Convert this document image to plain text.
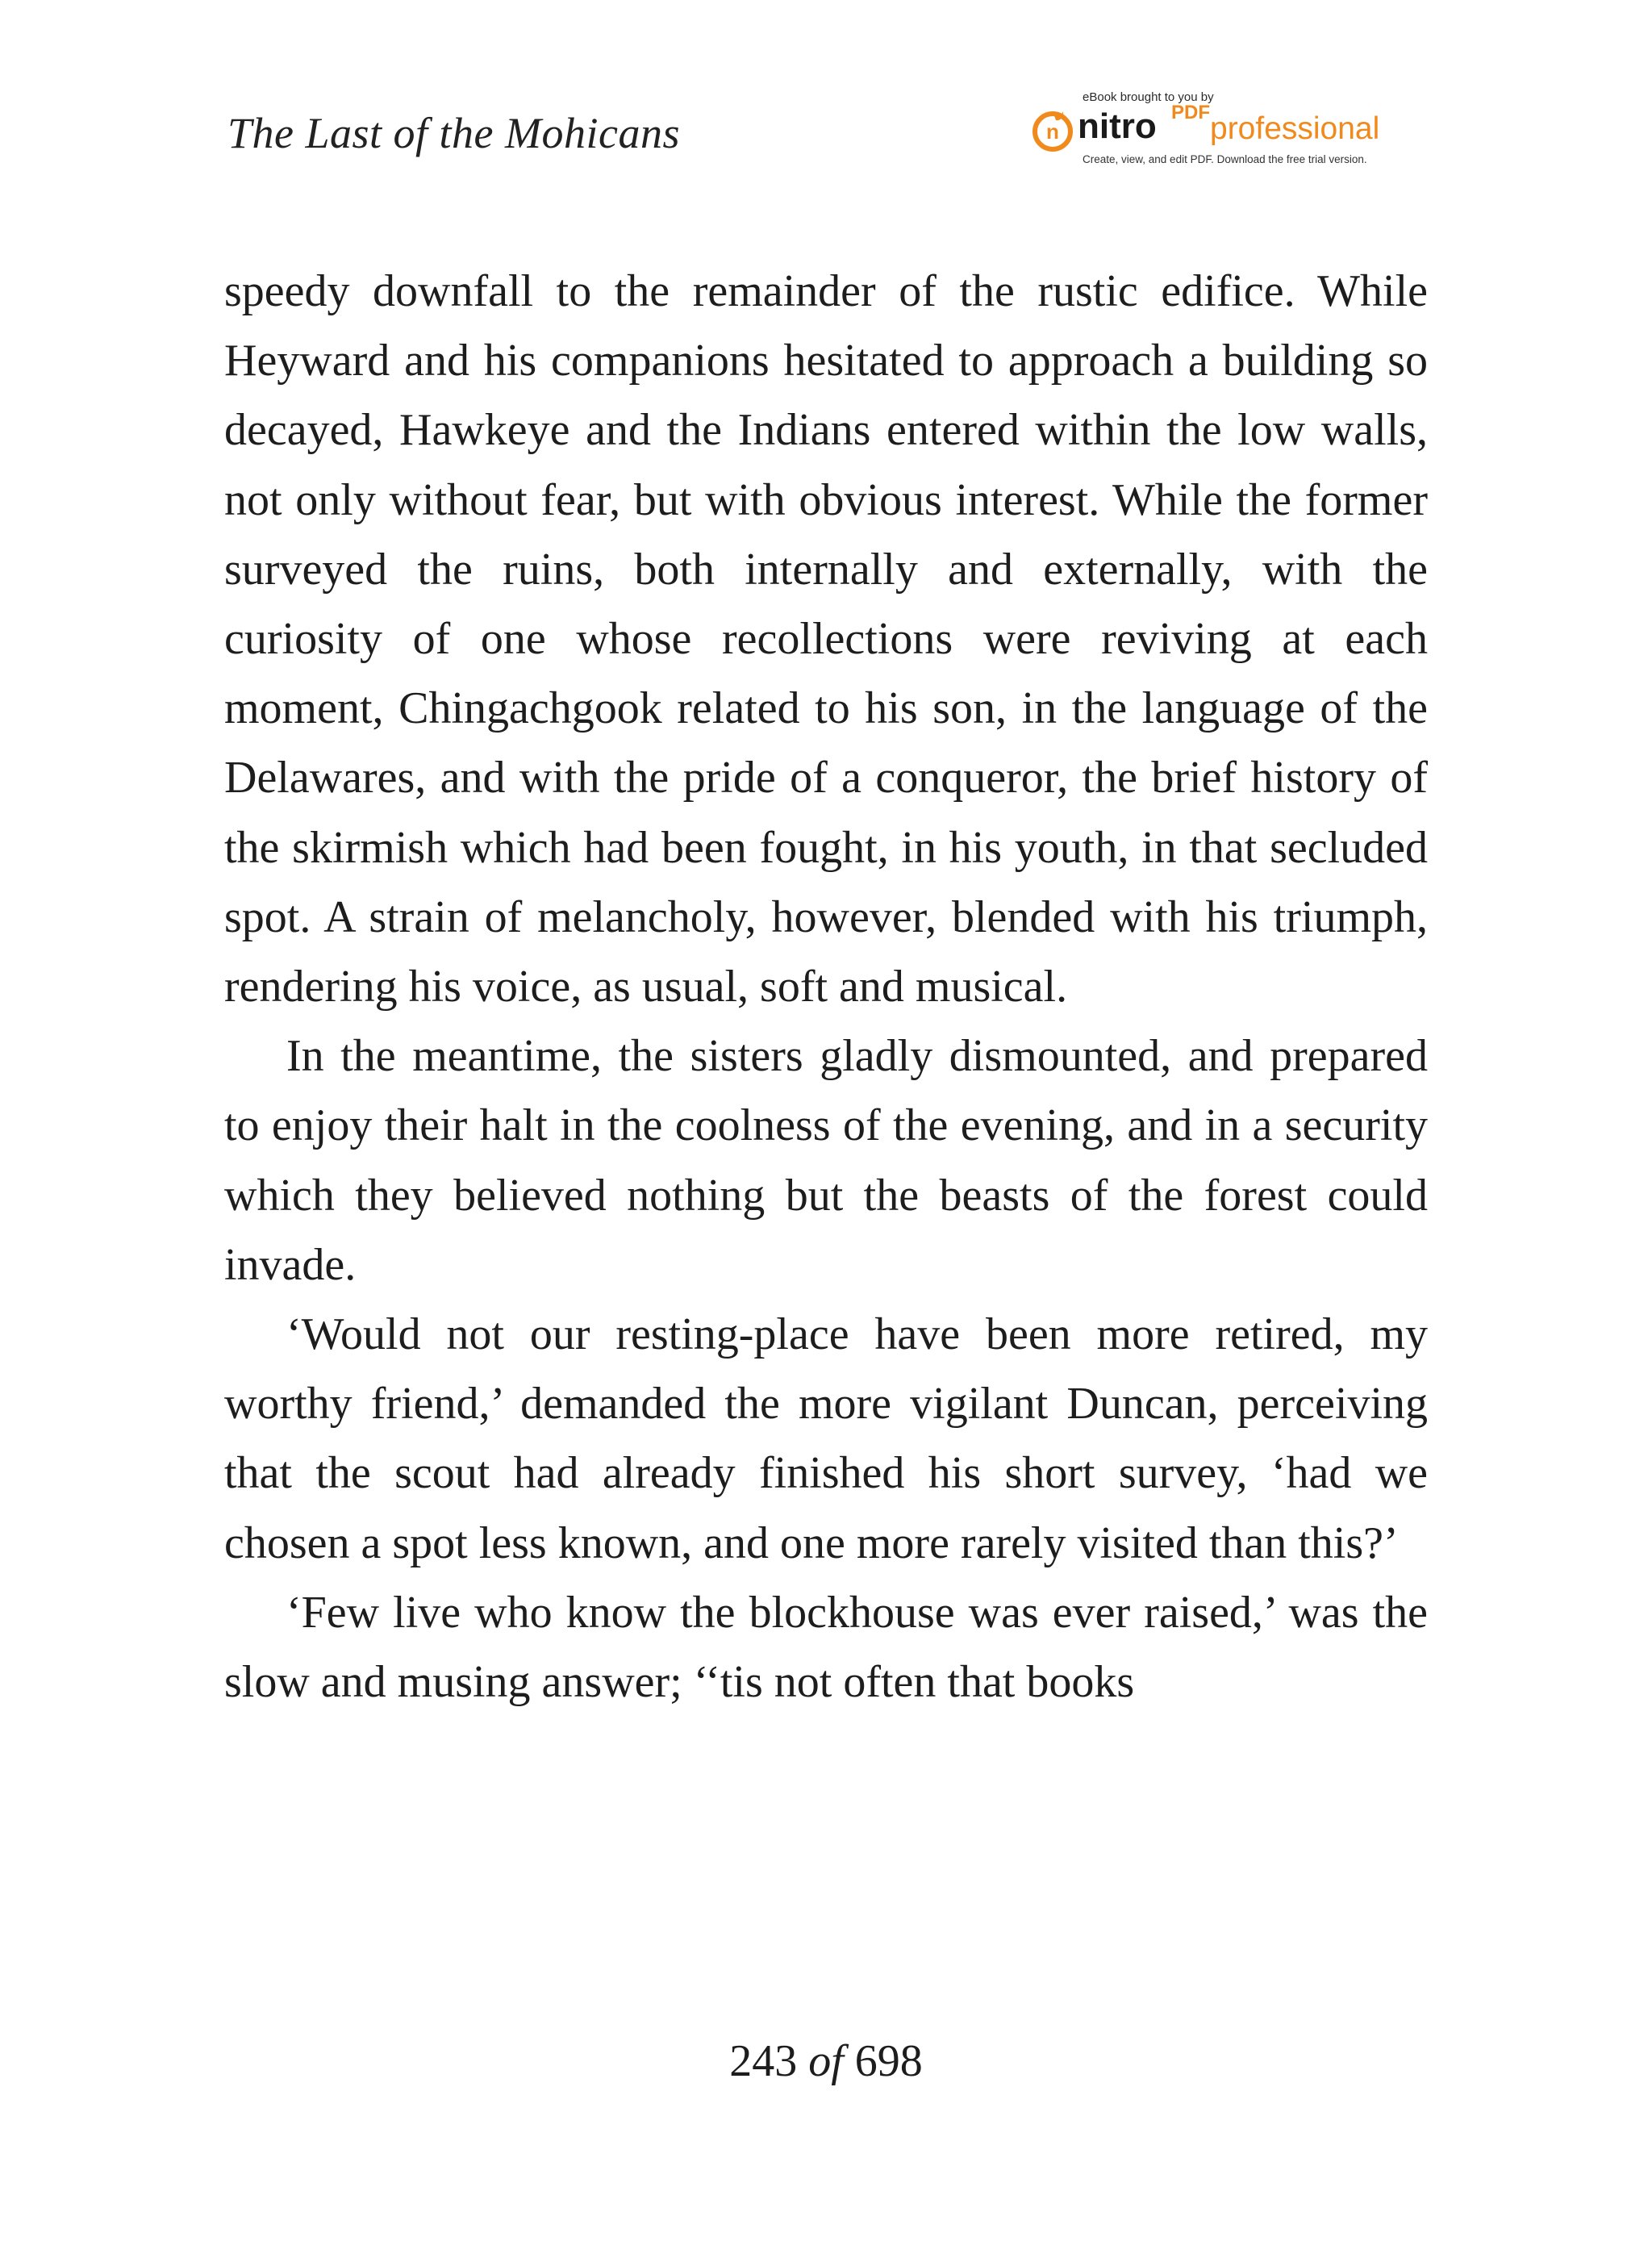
The Last of the Mohicans
eBook brought to you by
n nitro PDF professional
Create, view, and edit PDF. Download the free trial version.

speedy downfall to the remainder of the rustic edifice. While Heyward and his companions hesitated to approach a building so decayed, Hawkeye and the Indians entered within the low walls, not only without fear, but with obvious interest. While the former surveyed the ruins, both internally and externally, with the curiosity of one whose recollections were reviving at each moment, Chingachgook related to his son, in the language of the Delawares, and with the pride of a conqueror, the brief history of the skirmish which had been fought, in his youth, in that secluded spot. A strain of melancholy, however, blended with his triumph, rendering his voice, as usual, soft and musical.

In the meantime, the sisters gladly dismounted, and prepared to enjoy their halt in the coolness of the evening, and in a security which they believed nothing but the beasts of the forest could invade.

‘Would not our resting-place have been more retired, my worthy friend,’ demanded the more vigilant Duncan, perceiving that the scout had already finished his short survey, ‘had we chosen a spot less known, and one more rarely visited than this?’

‘Few live who know the blockhouse was ever raised,’ was the slow and musing answer; ‘‘tis not often that books

243 of 698
